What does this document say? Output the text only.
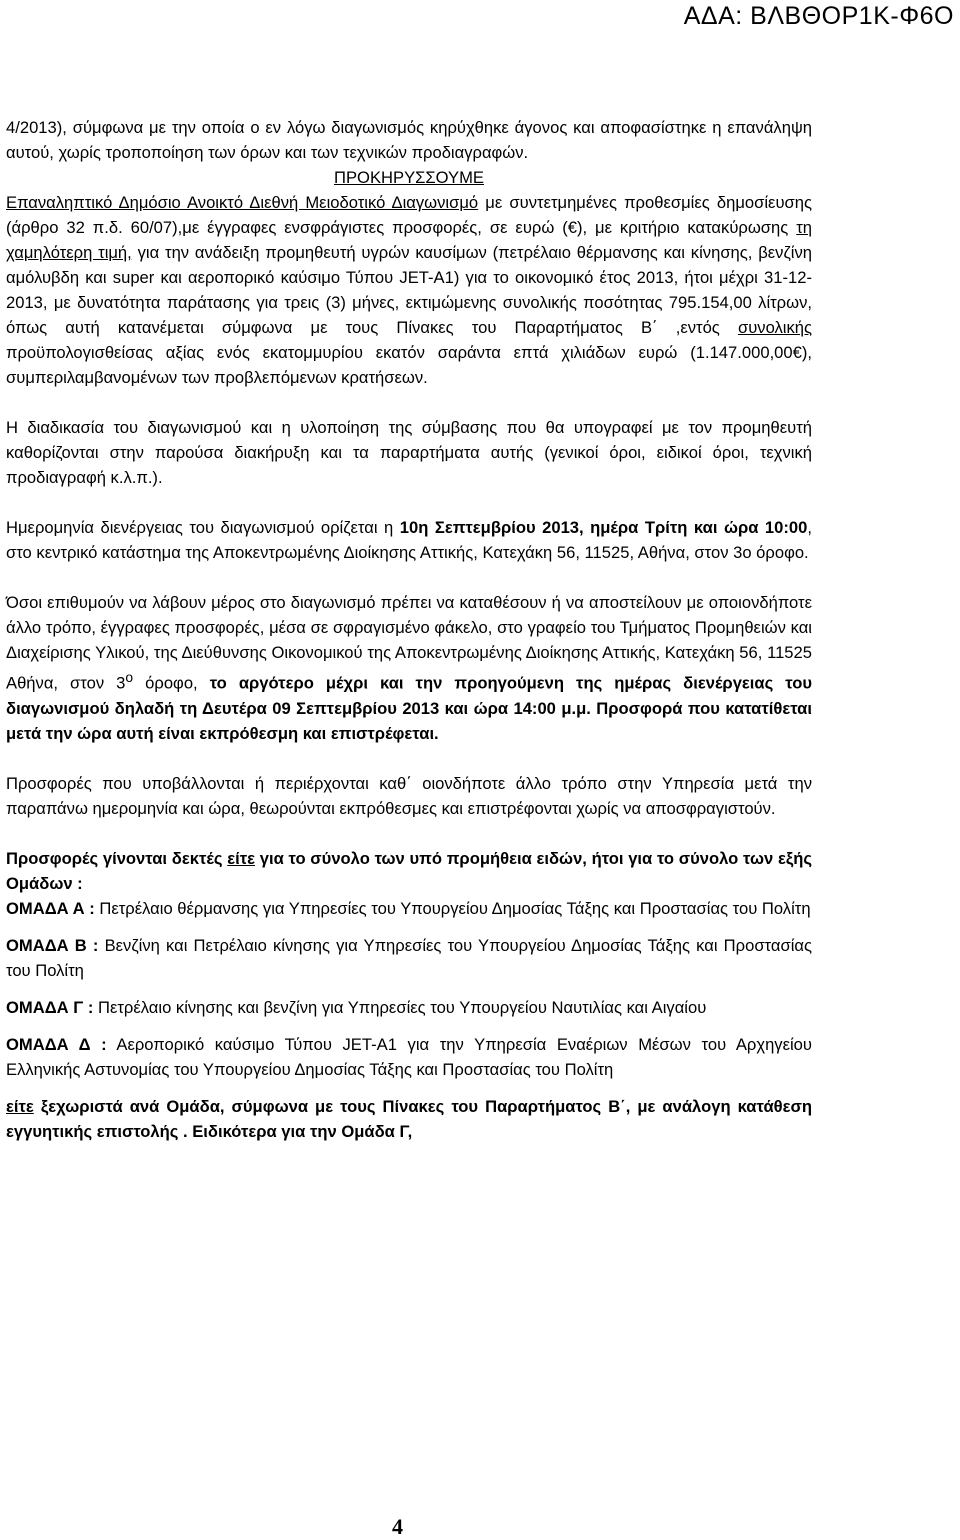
ΑΔΑ: ΒΛΒΘΟΡ1Κ-Φ6Ο

4/2013), σύμφωνα με την οποία ο εν λόγω διαγωνισμός κηρύχθηκε άγονος και αποφασίστηκε η επανάληψη αυτού, χωρίς τροποποίηση των όρων και των τεχνικών προδιαγραφών.

ΠΡΟΚΗΡΥΣΣΟΥΜΕ

Επαναληπτικό Δημόσιο Ανοικτό Διεθνή Μειοδοτικό Διαγωνισμό με συντετμημένες προθεσμίες δημοσίευσης (άρθρο 32 π.δ. 60/07),με έγγραφες ενσφράγιστες προσφορές, σε ευρώ (€), με κριτήριο κατακύρωσης τη χαμηλότερη τιμή, για την ανάδειξη προμηθευτή υγρών καυσίμων (πετρέλαιο θέρμανσης και κίνησης, βενζίνη αμόλυβδη και super και αεροπορικό καύσιμο Τύπου JET-A1) για το οικονομικό έτος 2013, ήτοι μέχρι 31-12-2013, με δυνατότητα παράτασης για τρεις (3) μήνες, εκτιμώμενης συνολικής ποσότητας 795.154,00 λίτρων, όπως αυτή κατανέμεται σύμφωνα με τους Πίνακες του Παραρτήματος Β΄ ,εντός συνολικής προϋπολογισθείσας αξίας ενός εκατομμυρίου εκατόν σαράντα επτά χιλιάδων ευρώ (1.147.000,00€), συμπεριλαμβανομένων των προβλεπόμενων κρατήσεων.

Η διαδικασία του διαγωνισμού και η υλοποίηση της σύμβασης που θα υπογραφεί με τον προμηθευτή καθορίζονται στην παρούσα διακήρυξη και τα παραρτήματα αυτής (γενικοί όροι, ειδικοί όροι, τεχνική προδιαγραφή κ.λ.π.).

Ημερομηνία διενέργειας του διαγωνισμού ορίζεται η 10η Σεπτεμβρίου 2013, ημέρα Τρίτη και ώρα 10:00, στο κεντρικό κατάστημα της Αποκεντρωμένης Διοίκησης Αττικής, Κατεχάκη 56, 11525, Αθήνα, στον 3ο όροφο.

Όσοι επιθυμούν να λάβουν μέρος στο διαγωνισμό πρέπει να καταθέσουν ή να αποστείλουν με οποιονδήποτε άλλο τρόπο, έγγραφες προσφορές, μέσα σε σφραγισμένο φάκελο, στο γραφείο του Τμήματος Προμηθειών και Διαχείρισης Υλικού, της Διεύθυνσης Οικονομικού της Αποκεντρωμένης Διοίκησης Αττικής, Κατεχάκη 56, 11525 Αθήνα, στον $3^o$ όροφο, το αργότερο μέχρι και την προηγούμενη της ημέρας διενέργειας του διαγωνισμού δηλαδή τη Δευτέρα 09 Σεπτεμβρίου 2013 και ώρα 14:00 μ.μ. Προσφορά που κατατίθεται μετά την ώρα αυτή είναι εκπρόθεσμη και επιστρέφεται.

Προσφορές που υποβάλλονται ή περιέρχονται καθ΄ οιονδήποτε άλλο τρόπο στην Υπηρεσία μετά την παραπάνω ημερομηνία και ώρα, θεωρούνται εκπρόθεσμες και επιστρέφονται χωρίς να αποσφραγιστούν.

Προσφορές γίνονται δεκτές είτε για το σύνολο των υπό προμήθεια ειδών, ήτοι για το σύνολο των εξής Ομάδων :

ΟΜΑΔΑ Α : Πετρέλαιο θέρμανσης για Υπηρεσίες του Υπουργείου Δημοσίας Τάξης και Προστασίας του Πολίτη

ΟΜΑΔΑ Β : Βενζίνη και Πετρέλαιο κίνησης για Υπηρεσίες του Υπουργείου Δημοσίας Τάξης και Προστασίας του Πολίτη

ΟΜΑΔΑ Γ : Πετρέλαιο κίνησης και βενζίνη για Υπηρεσίες του Υπουργείου Ναυτιλίας και Αιγαίου

ΟΜΑΔΑ Δ : Αεροπορικό καύσιμο Τύπου JET-A1 για την Υπηρεσία Εναέριων Μέσων του Αρχηγείου Ελληνικής Αστυνομίας του Υπουργείου Δημοσίας Τάξης και Προστασίας του Πολίτη

είτε ξεχωριστά ανά Ομάδα, σύμφωνα με τους Πίνακες του Παραρτήματος Β΄, με ανάλογη κατάθεση εγγυητικής επιστολής . Ειδικότερα για την Ομάδα Γ,

4
